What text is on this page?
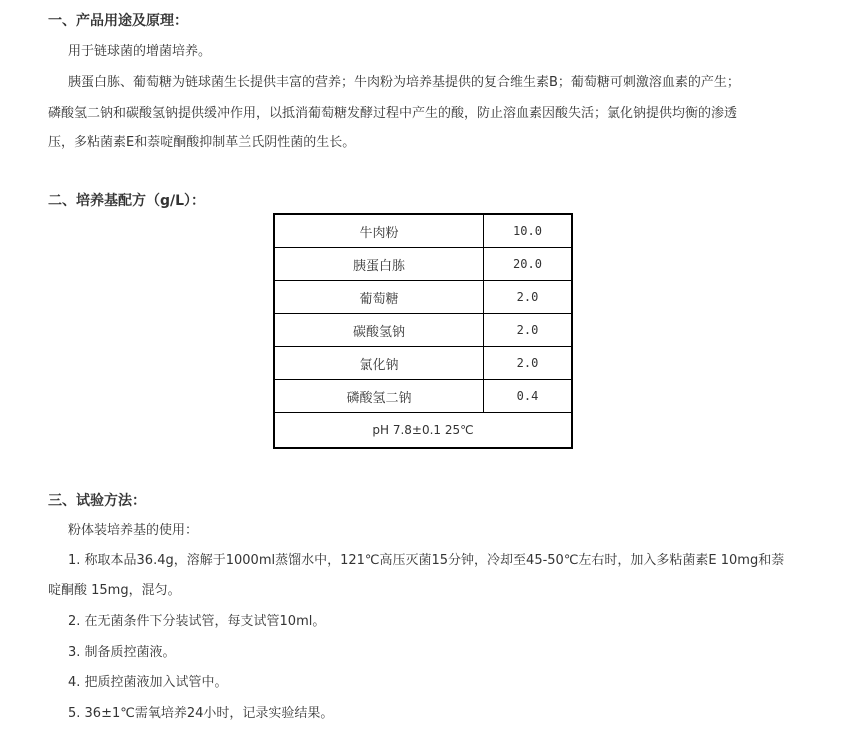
一、产品用途及原理：
用于链球菌的增菌培养。
胰蛋白胨、葡萄糖为链球菌生长提供丰富的营养；牛肉粉为培养基提供的复合维生素B；葡萄糖可刺激溶血素的产生；
磷酸氢二钠和碳酸氢钠提供缓冲作用，以抵消葡萄糖发酵过程中产生的酸，防止溶血素因酸失活；氯化钠提供均衡的渗透
压，多粘菌素E和萘啶酮酸抑制革兰氏阴性菌的生长。
二、培养基配方（g/L）：
牛肉粉	10.0
胰蛋白胨	20.0
葡萄糖	2.0
碳酸氢钠	2.0
氯化钠	2.0
磷酸氢二钠	0.4
pH 7.8±0.1 25℃	
三、试验方法：
粉体装培养基的使用：
1. 称取本品36.4g，溶解于1000ml蒸馏水中，121℃高压灭菌15分钟，冷却至45-50℃左右时，加入多粘菌素E 10mg和萘
啶酮酸 15mg，混匀。
2. 在无菌条件下分装试管，每支试管10ml。
3. 制备质控菌液。
4. 把质控菌液加入试管中。
5. 36±1℃需氧培养24小时，记录实验结果。
